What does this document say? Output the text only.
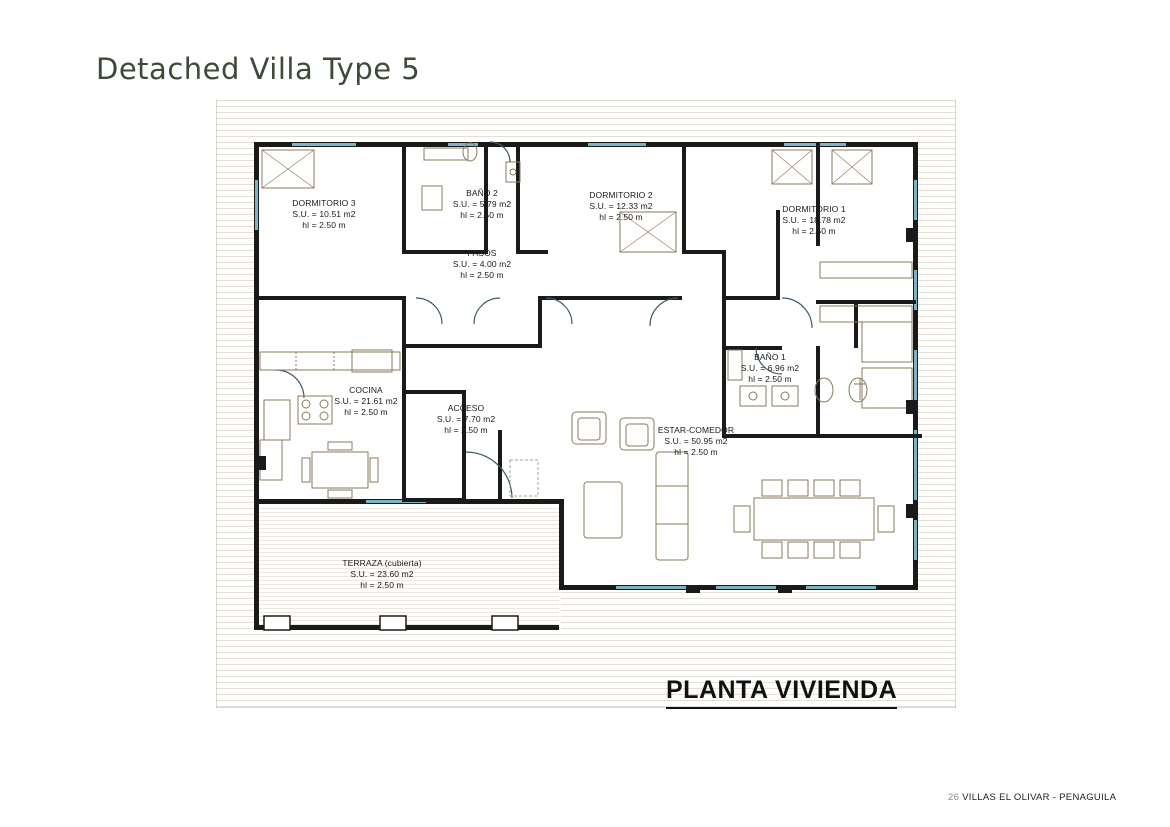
Detached Villa Type 5
DORMITORIO 3
S.U. = 10.51 m2
hl = 2.50 m
BAÑO 2
S.U. = 5.79 m2
hl = 2.50 m
DORMITORIO 2
S.U. = 12.33 m2
hl = 2.50 m
DORMITORIO 1
S.U. = 18.78 m2
hl = 2.50 m
PASOS
S.U. = 4.00 m2
hl = 2.50 m
BAÑO 1
S.U. = 6.96 m2
hl = 2.50 m
COCINA
S.U. = 21.61 m2
hl = 2.50 m	ACCESO
S.U. = 7.70 m2
hl = 2.50 m	ESTAR-COMEDOR
S.U. = 50.95 m2
hl = 2.50 m
TERRAZA (cubierta)
S.U. = 23.60 m2
hl = 2.50 m
PLANTA VIVIENDA
26 VILLAS EL OLIVAR - PENAGUILA
